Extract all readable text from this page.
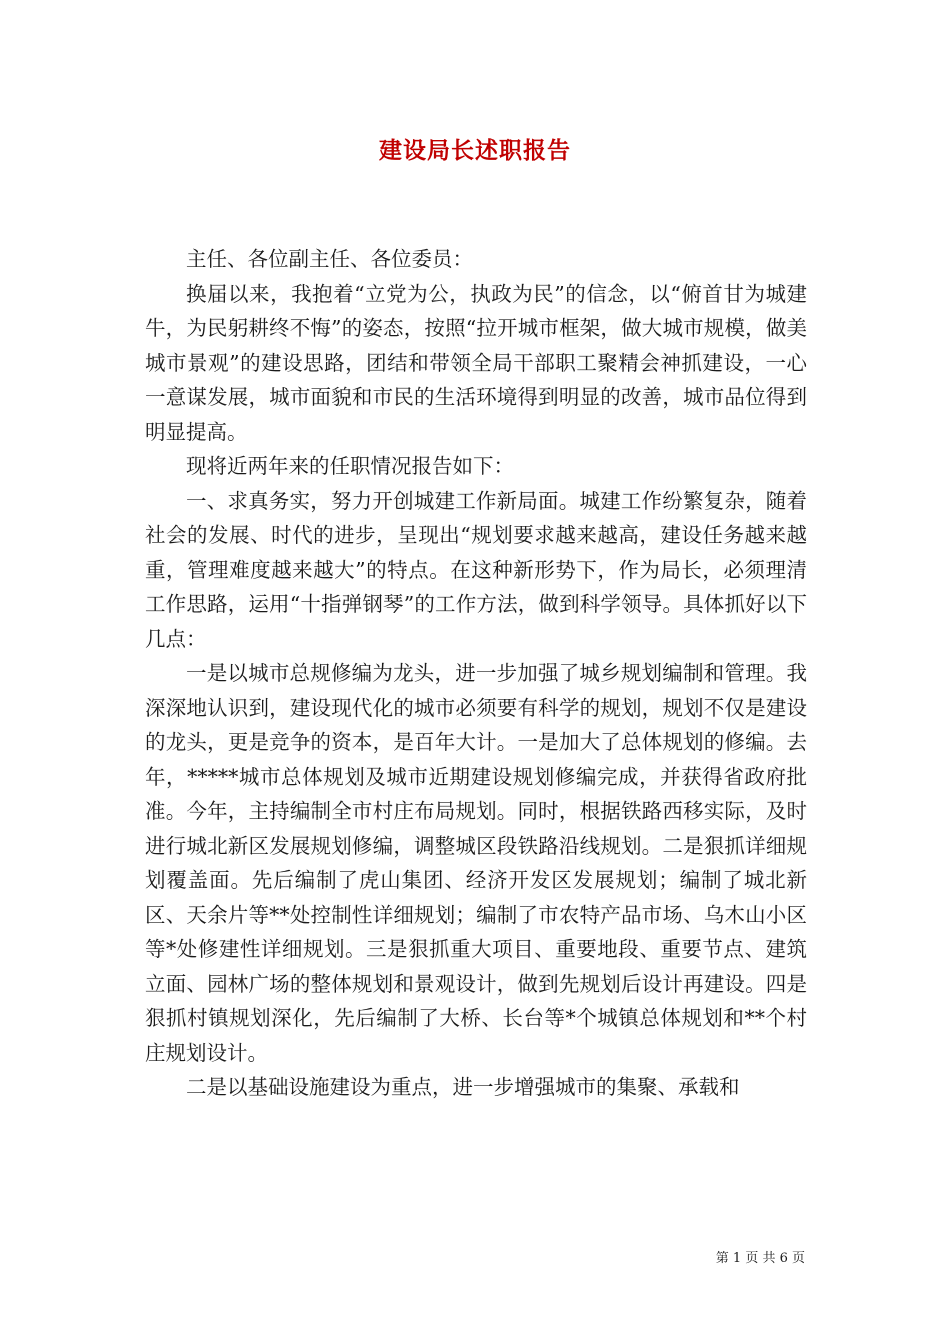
建设局长述职报告

主任、各位副主任、各位委员：

换届以来，我抱着“立党为公，执政为民”的信念，以“俯首甘为城建牛，为民躬耕终不悔”的姿态，按照“拉开城市框架，做大城市规模，做美城市景观”的建设思路，团结和带领全局干部职工聚精会神抓建设，一心一意谋发展，城市面貌和市民的生活环境得到明显的改善，城市品位得到明显提高。

现将近两年来的任职情况报告如下：

一、求真务实，努力开创城建工作新局面。城建工作纷繁复杂，随着社会的发展、时代的进步，呈现出“规划要求越来越高，建设任务越来越重，管理难度越来越大”的特点。在这种新形势下，作为局长，必须理清工作思路，运用“十指弹钢琴”的工作方法，做到科学领导。具体抓好以下几点：

一是以城市总规修编为龙头，进一步加强了城乡规划编制和管理。我深深地认识到，建设现代化的城市必须要有科学的规划，规划不仅是建设的龙头，更是竞争的资本，是百年大计。一是加大了总体规划的修编。去年，*****城市总体规划及城市近期建设规划修编完成，并获得省政府批准。今年，主持编制全市村庄布局规划。同时，根据铁路西移实际，及时进行城北新区发展规划修编，调整城区段铁路沿线规划。二是狠抓详细规划覆盖面。先后编制了虎山集团、经济开发区发展规划；编制了城北新区、天余片等**处控制性详细规划；编制了市农特产品市场、乌木山小区等*处修建性详细规划。三是狠抓重大项目、重要地段、重要节点、建筑立面、园林广场的整体规划和景观设计，做到先规划后设计再建设。四是狠抓村镇规划深化，先后编制了大桥、长台等*个城镇总体规划和**个村庄规划设计。

二是以基础设施建设为重点，进一步增强城市的集聚、承载和

第 1 页 共 6 页
